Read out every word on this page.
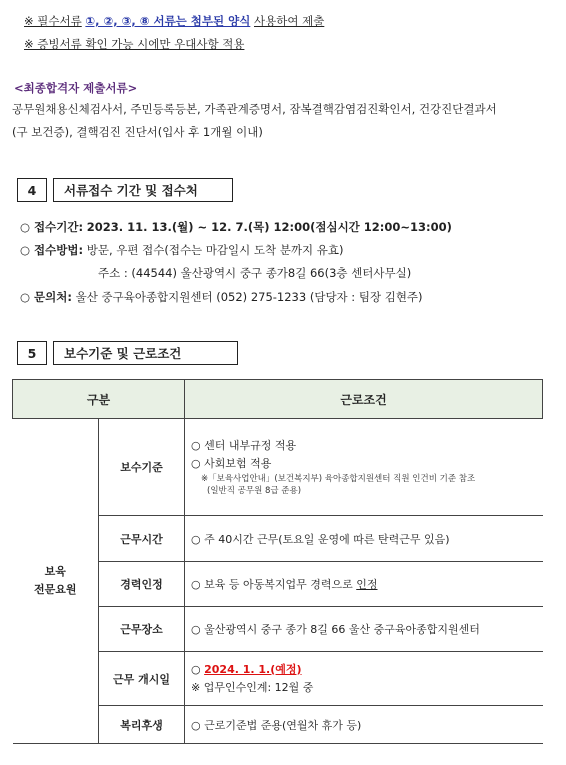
※ 필수서류 ①, ②, ③, ⑧ 서류는 첨부된 양식 사용하여 제출
※ 증빙서류 확인 가능 시에만 우대사항 적용
<최종합격자 제출서류>
공무원채용신체검사서, 주민등록등본, 가족관계증명서, 잠복결핵감염검진확인서, 건강진단결과서
(구 보건증), 결핵검진 진단서(입사 후 1개월 이내)
4	서류접수 기간 및 접수처
○ 접수기간: 2023. 11. 13.(월) ~ 12. 7.(목) 12:00(점심시간 12:00~13:00)
○ 접수방법: 방문, 우편 접수(접수는 마감일시 도착 분까지 유효)
주소 : (44544) 울산광역시 중구 종가8길 66(3층 센터사무실)
○ 문의처: 울산 중구육아종합지원센터 (052) 275-1233 (담당자 : 팀장 김현주)
5	보수기준 및 근로조건
구분		근로조건

보육
전문요원	보수기준	○ 센터 내부규정 적용
○ 사회보험 적용
※「보육사업안내」(보건복지부) 육아종합지원센터 직원 인건비 기준 참조
(일반직 공무원 8급 준용)

	근무시간	○ 주 40시간 근무(토요일 운영에 따른 탄력근무 있음)
	경력인정	○ 보육 등 아동복지업무 경력으로 인정
	근무장소	○ 울산광역시 중구 종가 8길 66 울산 중구육아종합지원센터
	근무 개시일	○ 2024. 1. 1.(예정)
※ 업무인수인계: 12월 중

	복리후생	○ 근로기준법 준용(연월차 휴가 등)
